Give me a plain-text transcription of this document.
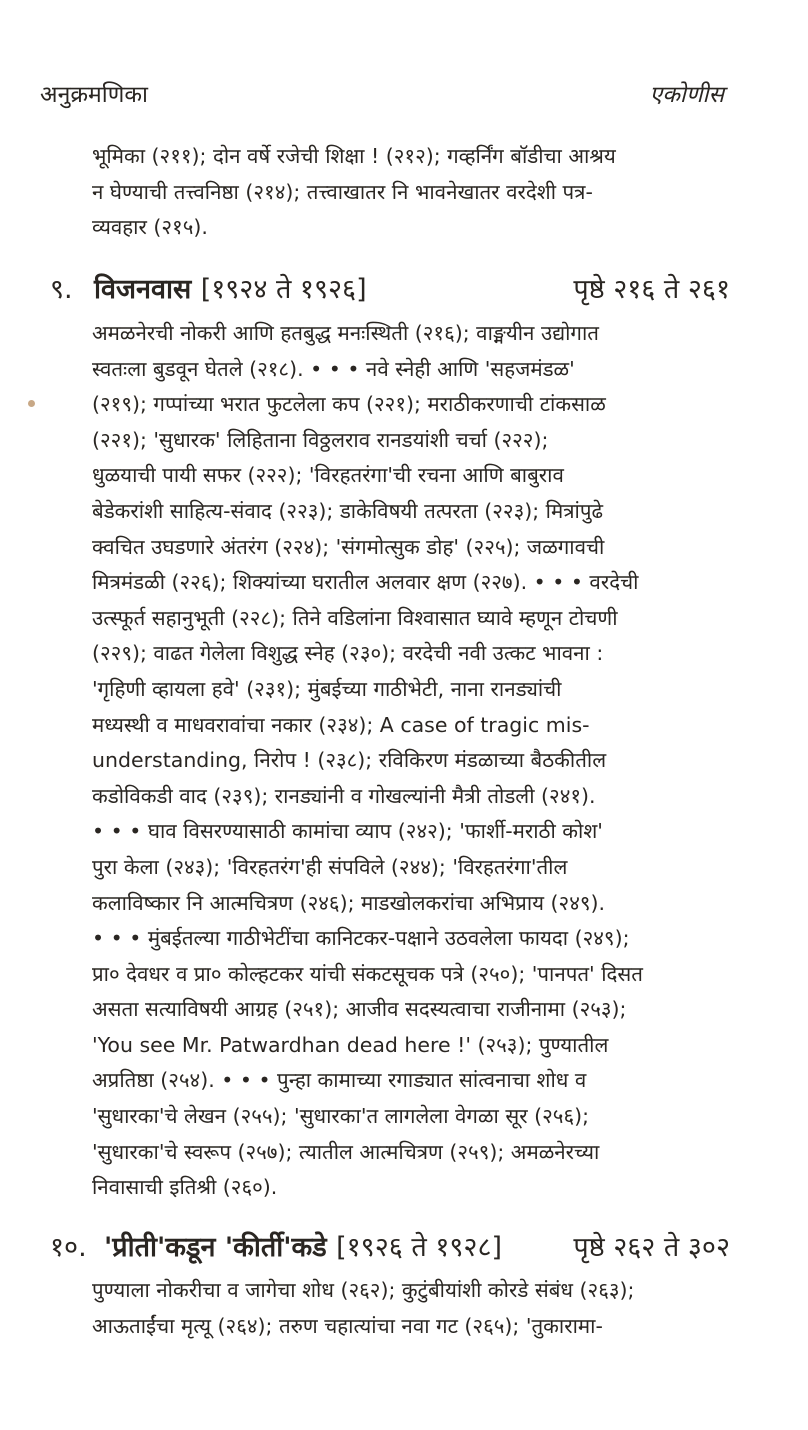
अनुक्रमणिका	एकोणीस
भूमिका (२११); दोन वर्षे रजेची शिक्षा ! (२१२); गव्हर्निंग बॉडीचा आश्रय
न घेण्याची तत्त्वनिष्ठा (२१४); तत्त्वाखातर नि भावनेखातर वरदेशी पत्र-
व्यवहार (२१५).
९. विजनवास [१९२४ ते १९२६]	पृष्ठे २१६ ते २६१
अमळनेरची नोकरी आणि हतबुद्ध मनःस्थिती (२१६); वाङ्मयीन उद्योगात
स्वतःला बुडवून घेतले (२१८). • • • नवे स्नेही आणि 'सहजमंडळ'
(२१९); गप्पांच्या भरात फुटलेला कप (२२१); मराठीकरणाची टांकसाळ
(२२१); 'सुधारक' लिहिताना विठ्ठलराव रानडयांशी चर्चा (२२२);
धुळयाची पायी सफर (२२२); 'विरहतरंगा'ची रचना आणि बाबुराव
बेडेकरांशी साहित्य-संवाद (२२३); डाकेविषयी तत्परता (२२३); मित्रांपुढे
क्वचित उघडणारे अंतरंग (२२४); 'संगमोत्सुक डोह' (२२५); जळगावची
मित्रमंडळी (२२६); शिक्यांच्या घरातील अलवार क्षण (२२७). • • • वरदेची
उत्स्फूर्त सहानुभूती (२२८); तिने वडिलांना विश्वासात घ्यावे म्हणून टोचणी
(२२९); वाढत गेलेला विशुद्ध स्नेह (२३०); वरदेची नवी उत्कट भावना :
'गृहिणी व्हायला हवे' (२३१); मुंबईच्या गाठीभेटी, नाना रानड्यांची
मध्यस्थी व माधवरावांचा नकार (२३४); A case of tragic mis-
understanding, निरोप ! (२३८); रविकिरण मंडळाच्या बैठकीतील
कडोविकडी वाद (२३९); रानड्यांनी व गोखल्यांनी मैत्री तोडली (२४१).
• • • घाव विसरण्यासाठी कामांचा व्याप (२४२); 'फार्शी-मराठी कोश'
पुरा केला (२४३); 'विरहतरंग'ही संपविले (२४४); 'विरहतरंगा'तील
कलाविष्कार नि आत्मचित्रण (२४६); माडखोलकरांचा अभिप्राय (२४९).
• • • मुंबईतल्या गाठीभेटींचा कानिटकर-पक्षाने उठवलेला फायदा (२४९);
प्रा० देवधर व प्रा० कोल्हटकर यांची संकटसूचक पत्रे (२५०); 'पानपत' दिसत
असता सत्याविषयी आग्रह (२५१); आजीव सदस्यत्वाचा राजीनामा (२५३);
'You see Mr. Patwardhan dead here !' (२५३); पुण्यातील
अप्रतिष्ठा (२५४). • • • पुन्हा कामाच्या रगाड्यात सांत्वनाचा शोध व
'सुधारका'चे लेखन (२५५); 'सुधारका'त लागलेला वेगळा सूर (२५६);
'सुधारका'चे स्वरूप (२५७); त्यातील आत्मचित्रण (२५९); अमळनेरच्या
निवासाची इतिश्री (२६०).
१०. 'प्रीती'कडून 'कीर्ती'कडे [१९२६ ते १९२८]	पृष्ठे २६२ ते ३०२
पुण्याला नोकरीचा व जागेचा शोध (२६२); कुटुंबीयांशी कोरडे संबंध (२६३);
आऊताईंचा मृत्यू (२६४); तरुण चहात्यांचा नवा गट (२६५); 'तुकारामा-
